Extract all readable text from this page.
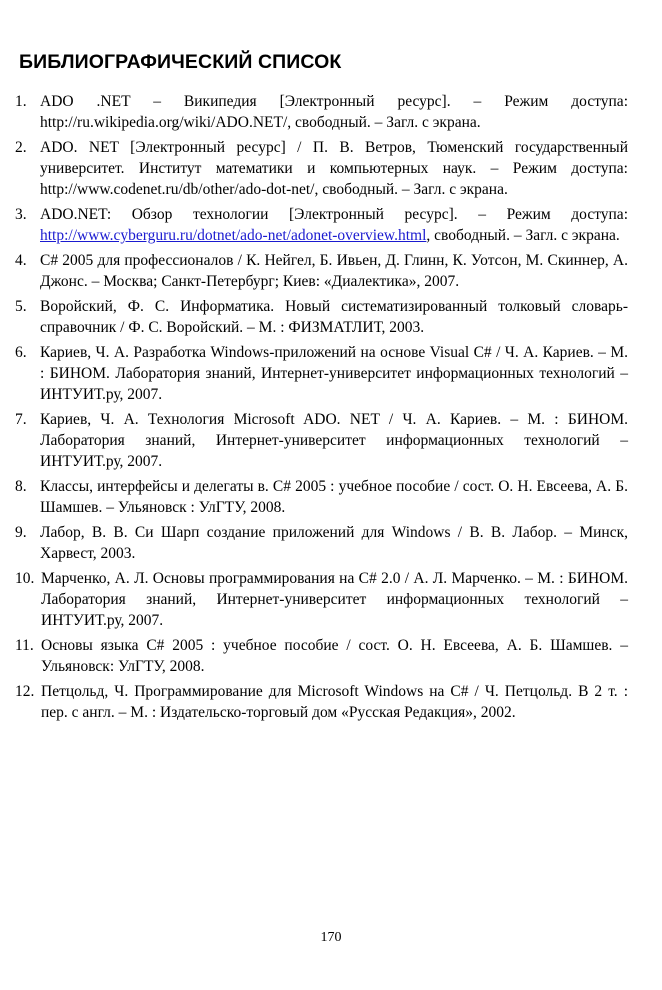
БИБЛИОГРАФИЧЕСКИЙ СПИСОК
1. ADO .NET – Википедия [Электронный ресурс]. – Режим доступа: http://ru.wikipedia.org/wiki/ADO.NET/, свободный. – Загл. с экрана.
2. ADO. NET [Электронный ресурс] / П. В. Ветров, Тюменский государственный университет. Институт математики и компьютерных наук. – Режим доступа: http://www.codenet.ru/db/other/ado-dot-net/, свободный. – Загл. с экрана.
3. ADO.NET: Обзор технологии [Электронный ресурс]. – Режим доступа: http://www.cyberguru.ru/dotnet/ado-net/adonet-overview.html, свободный. – Загл. с экрана.
4. C# 2005 для профессионалов / К. Нейгел, Б. Ивьен, Д. Глинн, К. Уотсон, М. Скиннер, А. Джонс. – Москва; Санкт-Петербург; Киев: «Диалектика», 2007.
5. Воройский, Ф. С. Информатика. Новый систематизированный толковый словарь-справочник / Ф. С. Воройский. – М. : ФИЗМАТЛИТ, 2003.
6. Кариев, Ч. А. Разработка Windows-приложений на основе Visual C# / Ч. А. Кариев. – М. : БИНОМ. Лаборатория знаний, Интернет-университет информационных технологий – ИНТУИТ.ру, 2007.
7. Кариев, Ч. А. Технология Microsoft ADO. NET / Ч. А. Кариев. – М. : БИНОМ. Лаборатория знаний, Интернет-университет информационных технологий – ИНТУИТ.ру, 2007.
8. Классы, интерфейсы и делегаты в. C# 2005 : учебное пособие / сост. О. Н. Евсеева, А. Б. Шамшев. – Ульяновск : УлГТУ, 2008.
9. Лабор, В. В. Си Шарп создание приложений для Windows / В. В. Лабор. – Минск, Харвест, 2003.
10. Марченко, А. Л. Основы программирования на C# 2.0 / А. Л. Марченко. – М. : БИНОМ. Лаборатория знаний, Интернет-университет информационных технологий – ИНТУИТ.ру, 2007.
11. Основы языка C# 2005 : учебное пособие / сост. О. Н. Евсеева, А. Б. Шамшев. – Ульяновск: УлГТУ, 2008.
12. Петцольд, Ч. Программирование для Microsoft Windows на C# / Ч. Петцольд. В 2 т. : пер. с англ. – М. : Издательско-торговый дом «Русская Редакция», 2002.
170
